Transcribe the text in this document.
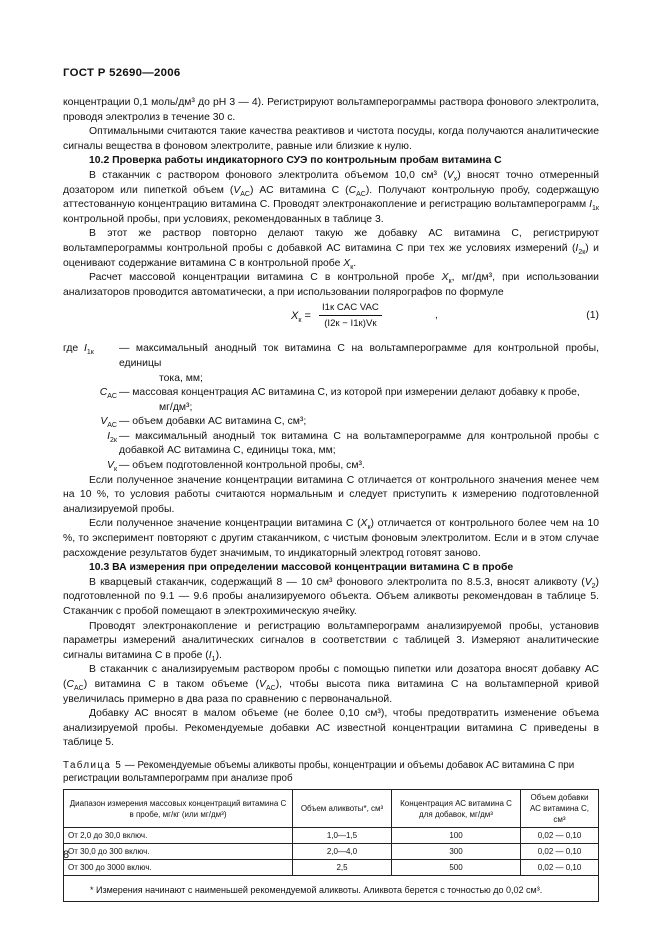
ГОСТ Р 52690—2006

концентрации 0,1 моль/дм³ до pH 3 — 4). Регистрируют вольтамперограммы раствора фонового электролита, проводя электролиз в течение 30 с.

Оптимальными считаются такие качества реактивов и чистота посуды, когда получаются аналитические сигналы вещества в фоновом электролите, равные или близкие к нулю.

10.2 Проверка работы индикаторного СУЭ по контрольным пробам витамина С

В стаканчик с раствором фонового электролита объемом 10,0 см³ $(V_x)$ вносят точно отмеренный дозатором или пипеткой объем $(V_{AC})$ АС витамина С $(C_{AC})$. Получают контрольную пробу, содержащую аттестованную концентрацию витамина С. Проводят электронакопление и регистрацию вольтамперограмм $I_{1к}$ контрольной пробы, при условиях, рекомендованных в таблице 3.

В этот же раствор повторно делают такую же добавку АС витамина С, регистрируют вольтамперограммы контрольной пробы с добавкой АС витамина С при тех же условиях измерений $(I_{2к})$ и оценивают содержание витамина С в контрольной пробе $X_к$.

Расчет массовой концентрации витамина С в контрольной пробе $X_к$, мг/дм³, при использовании анализаторов проводится автоматически, а при использовании полярографов по формуле

$X_к$ =
I1к CAC VAC
(I2к − I1к)Vк
,	(1)
где $I_{1к}$	— максимальный анодный ток витамина С на вольтамперограмме для контрольной пробы, единицы
тока, мм;
$C_{AC}$ — массовая концентрация АС витамина С, из которой при измерении делают добавку к пробе,
мг/дм³;
$V_{AC}$ — объем добавки АС витамина С, см³;
$I_{2к}$ — максимальный анодный ток витамина С на вольтамперограмме для контрольной пробы с добавкой АС витамина С, единицы тока, мм;
$V_к$ — объем подготовленной контрольной пробы, см³.

Если полученное значение концентрации витамина С отличается от контрольного значения менее чем на 10 %, то условия работы считаются нормальным и следует приступить к измерению подготовленной анализируемой пробы.

Если полученное значение концентрации витамина С $(X_к)$ отличается от контрольного более чем на 10 %, то эксперимент повторяют с другим стаканчиком, с чистым фоновым электролитом. Если и в этом случае расхождение результатов будет значимым, то индикаторный электрод готовят заново.

10.3 ВА измерения при определении массовой концентрации витамина С в пробе

В кварцевый стаканчик, содержащий 8 — 10 см³ фонового электролита по 8.5.3, вносят аликвоту $(V_2)$ подготовленной по 9.1 — 9.6 пробы анализируемого объекта. Объем аликвоты рекомендован в таблице 5. Стаканчик с пробой помещают в электрохимическую ячейку.

Проводят электронакопление и регистрацию вольтамперограмм анализируемой пробы, установив параметры измерений аналитических сигналов в соответствии с таблицей 3. Измеряют аналитические сигналы витамина С в пробе $(I_1)$.

В стаканчик с анализируемым раствором пробы с помощью пипетки или дозатора вносят добавку АС $(C_{AC})$ витамина С в таком объеме $(V_{AC})$, чтобы высота пика витамина С на вольтамперной кривой увеличилась примерно в два раза по сравнению с первоначальной.

Добавку АС вносят в малом объеме (не более 0,10 см³), чтобы предотвратить изменение объема анализируемой пробы. Рекомендуемые добавки АС известной концентрации витамина С приведены в таблице 5.

Таблица 5 — Рекомендуемые объемы аликвоты пробы, концентрации и объемы добавок АС витамина С при регистрации вольтамперограмм при анализе проб
Диапазон измерения массовых концентраций витамина С в пробе, мг/кг (или мг/дм³)	Объем аликвоты*, см³	Концентрация АС витамина С для добавок, мг/дм³	Объем добавки АС витамина С, см³
От 2,0 до 30,0 включ.	1,0—1,5	100	0,02 — 0,10
От 30,0 до 300 включ.	2,0—4,0	300	0,02 — 0,10
От 300 до 3000 включ.	2,5	500	0,02 — 0,10
* Измерения начинают с наименьшей рекомендуемой аликвоты. Аликвота берется с точностью до 0,02 см³.			
8
